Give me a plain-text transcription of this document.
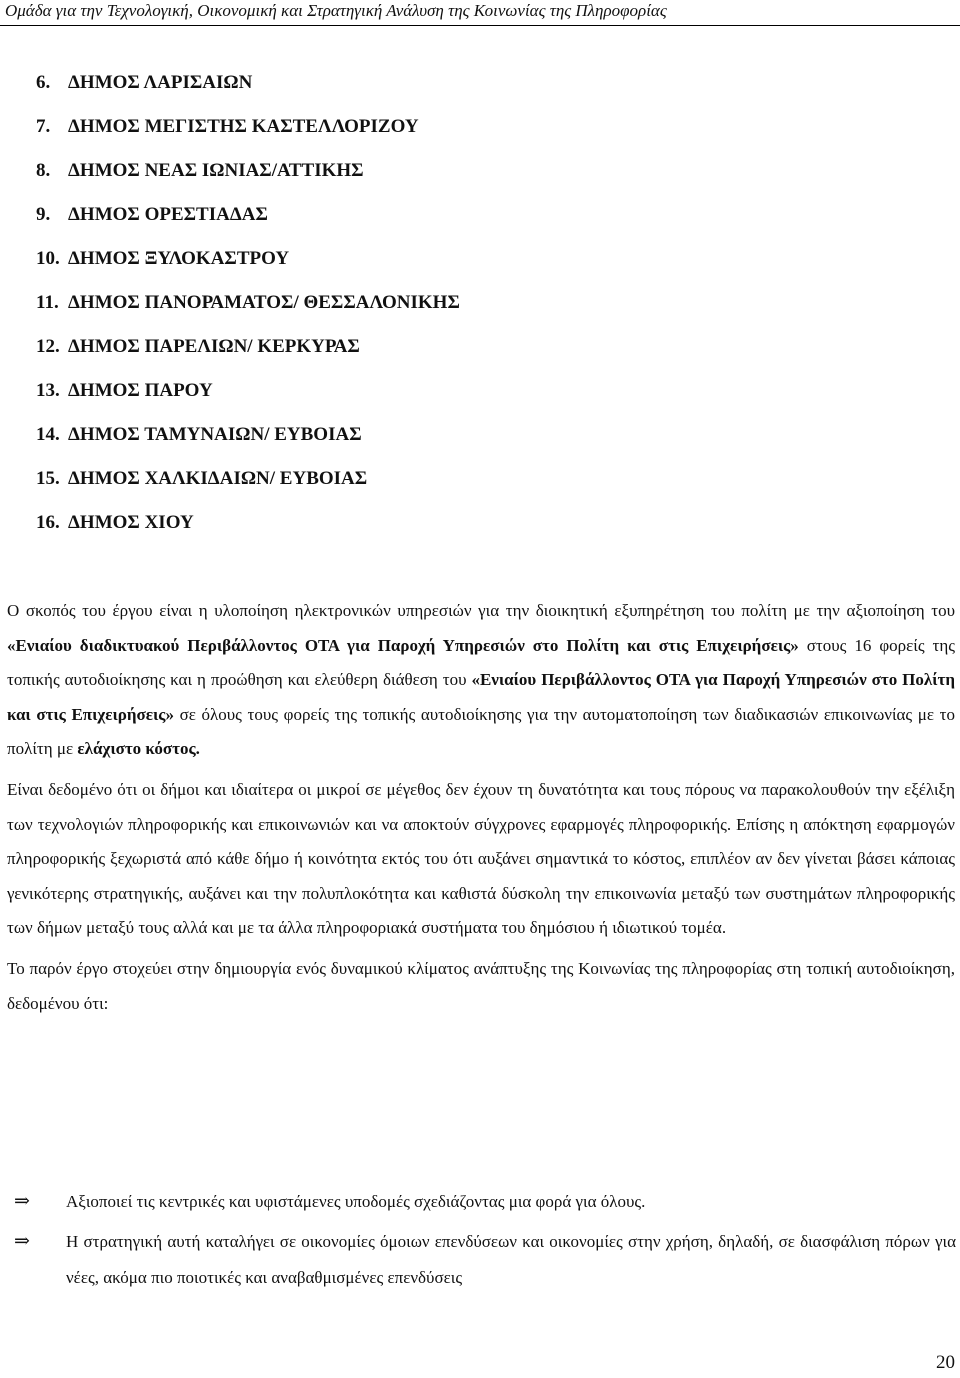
Ομάδα για την Τεχνολογική, Οικονομική και Στρατηγική Ανάλυση της Κοινωνίας της Πληροφορίας
6. ΔΗΜΟΣ ΛΑΡΙΣΑΙΩΝ
7. ΔΗΜΟΣ ΜΕΓΙΣΤΗΣ ΚΑΣΤΕΛΛΟΡΙΖΟΥ
8. ΔΗΜΟΣ ΝΕΑΣ ΙΩΝΙΑΣ/ΑΤΤΙΚΗΣ
9. ΔΗΜΟΣ ΟΡΕΣΤΙΑΔΑΣ
10. ΔΗΜΟΣ ΞΥΛΟΚΑΣΤΡΟΥ
11. ΔΗΜΟΣ ΠΑΝΟΡΑΜΑΤΟΣ/ ΘΕΣΣΑΛΟΝΙΚΗΣ
12. ΔΗΜΟΣ ΠΑΡΕΛΙΩΝ/ ΚΕΡΚΥΡΑΣ
13. ΔΗΜΟΣ ΠΑΡΟΥ
14. ΔΗΜΟΣ ΤΑΜΥΝΑΙΩΝ/ ΕΥΒΟΙΑΣ
15. ΔΗΜΟΣ ΧΑΛΚΙΔΑΙΩΝ/ ΕΥΒΟΙΑΣ
16. ΔΗΜΟΣ ΧΙΟΥ

Ο σκοπός του έργου είναι η υλοποίηση ηλεκτρονικών υπηρεσιών για την διοικητική εξυπηρέτηση του πολίτη με την αξιοποίηση του «Ενιαίου διαδικτυακού Περιβάλλοντος ΟΤΑ για Παροχή Υπηρεσιών στο Πολίτη και στις Επιχειρήσεις» στους 16 φορείς της τοπικής αυτοδιοίκησης και η προώθηση και ελεύθερη διάθεση του «Ενιαίου Περιβάλλοντος ΟΤΑ για Παροχή Υπηρεσιών στο Πολίτη και στις Επιχειρήσεις» σε όλους τους φορείς της τοπικής αυτοδιοίκησης για την αυτοματοποίηση των διαδικασιών επικοινωνίας με το πολίτη με ελάχιστο κόστος.

Είναι δεδομένο ότι οι δήμοι και ιδιαίτερα οι μικροί σε μέγεθος δεν έχουν τη δυνατότητα και τους πόρους να παρακολουθούν την εξέλιξη των τεχνολογιών πληροφορικής και επικοινωνιών και να αποκτούν σύγχρονες εφαρμογές πληροφορικής. Επίσης η απόκτηση εφαρμογών πληροφορικής ξεχωριστά από κάθε δήμο ή κοινότητα εκτός του ότι αυξάνει σημαντικά το κόστος, επιπλέον αν δεν γίνεται βάσει κάποιας γενικότερης στρατηγικής, αυξάνει και την πολυπλοκότητα και καθιστά δύσκολη την επικοινωνία μεταξύ των συστημάτων πληροφορικής των δήμων μεταξύ τους αλλά και με τα άλλα πληροφοριακά συστήματα του δημόσιου ή ιδιωτικού τομέα.

Το παρόν έργο στοχεύει στην δημιουργία ενός δυναμικού κλίματος ανάπτυξης της Κοινωνίας της πληροφορίας στη τοπική αυτοδιοίκηση, δεδομένου ότι:

⇒ Αξιοποιεί τις κεντρικές και υφιστάμενες υποδομές σχεδιάζοντας μια φορά για όλους.
⇒ Η στρατηγική αυτή καταλήγει σε οικονομίες όμοιων επενδύσεων και οικονομίες στην χρήση, δηλαδή, σε διασφάλιση πόρων για νέες, ακόμα πιο ποιοτικές και αναβαθμισμένες επενδύσεις
20
